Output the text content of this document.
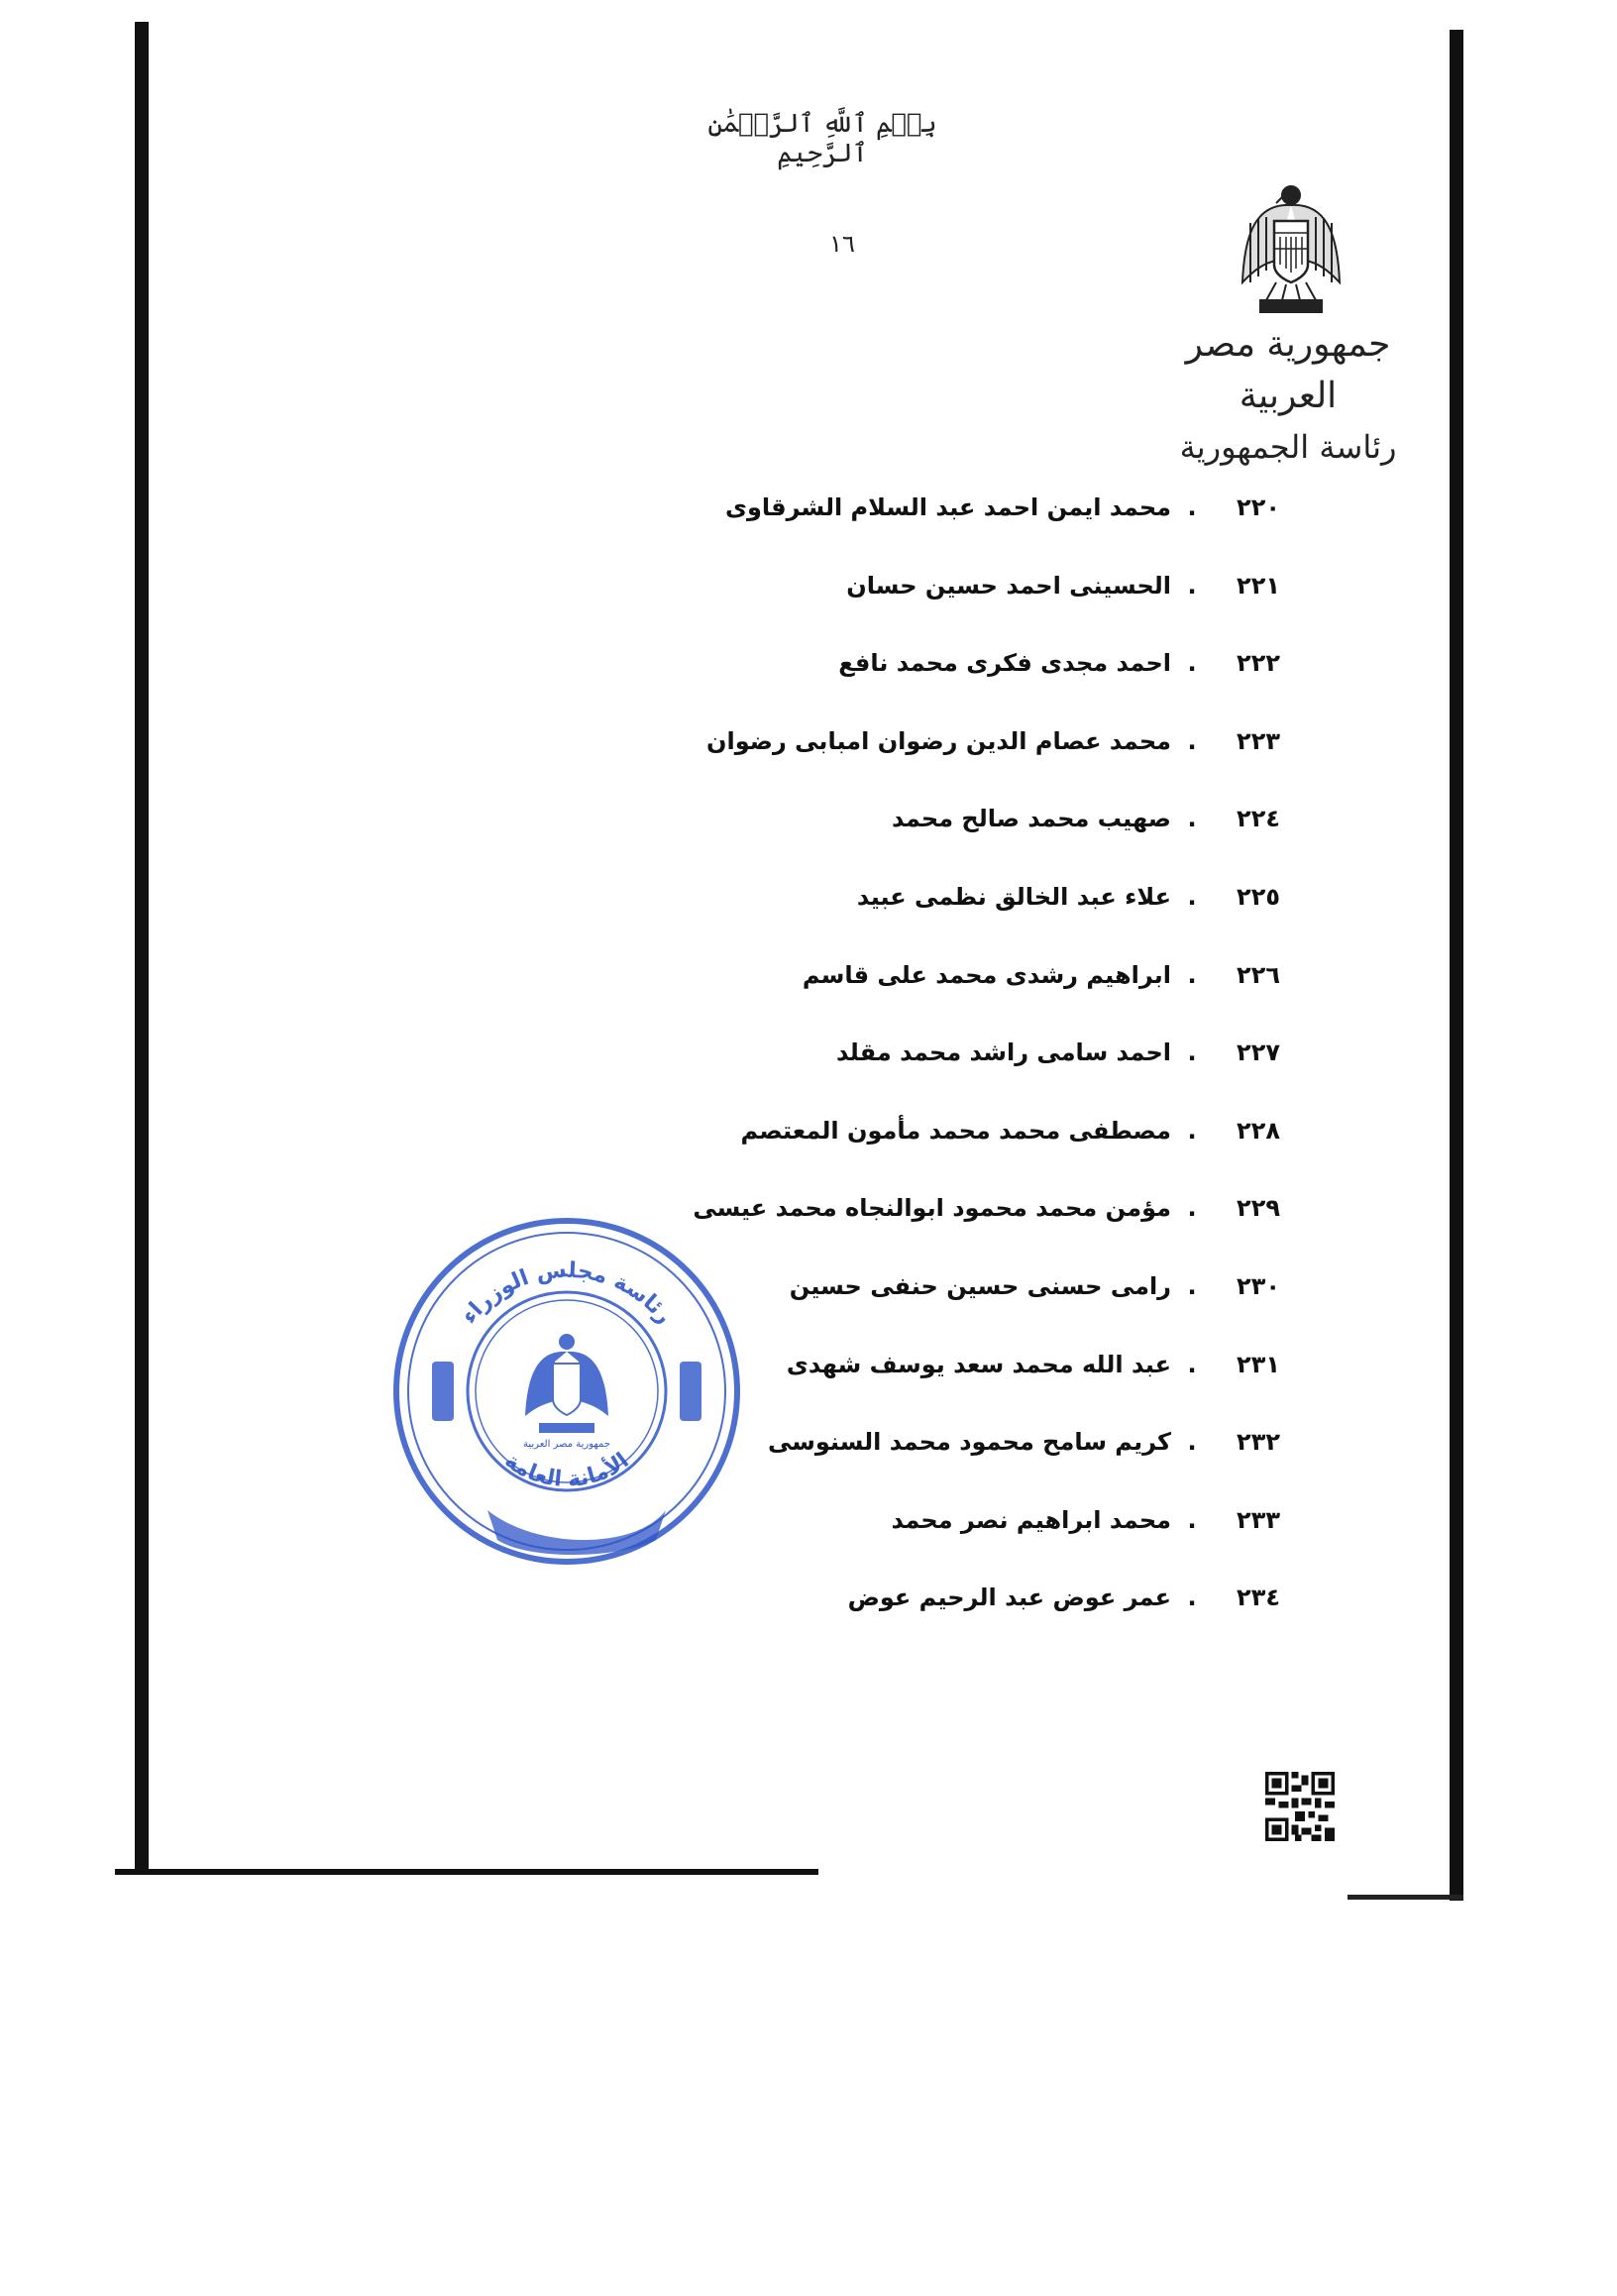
بِسۡمِ ٱللَّهِ ٱلرَّحۡمَٰنِ ٱلرَّحِيمِ
١٦
جمهورية مصر العربية
رئاسة الجمهورية
٢٢٠
.
محمد ايمن احمد عبد السلام الشرقاوى
٢٢١
.
الحسينى احمد حسين حسان
٢٢٢
.
احمد مجدى فكرى محمد نافع
٢٢٣
.
محمد عصام الدين رضوان امبابى رضوان
٢٢٤
.
صهيب محمد صالح محمد
٢٢٥
.
علاء عبد الخالق نظمى عبيد
٢٢٦
.
ابراهيم رشدى محمد على قاسم
٢٢٧
.
احمد سامى راشد محمد مقلد
٢٢٨
.
مصطفى محمد محمد مأمون المعتصم
٢٢٩
.
مؤمن محمد محمود ابوالنجاه محمد عيسى
٢٣٠
.
رامى حسنى حسين حنفى حسين
٢٣١
.
عبد الله محمد سعد يوسف شهدى
٢٣٢
.
كريم سامح محمود محمد السنوسى
٢٣٣
.
محمد ابراهيم نصر محمد
٢٣٤
.
عمر عوض عبد الرحيم عوض
رئاسة مجلس الوزراء
الأمانة العامة
جمهورية مصر العربية
